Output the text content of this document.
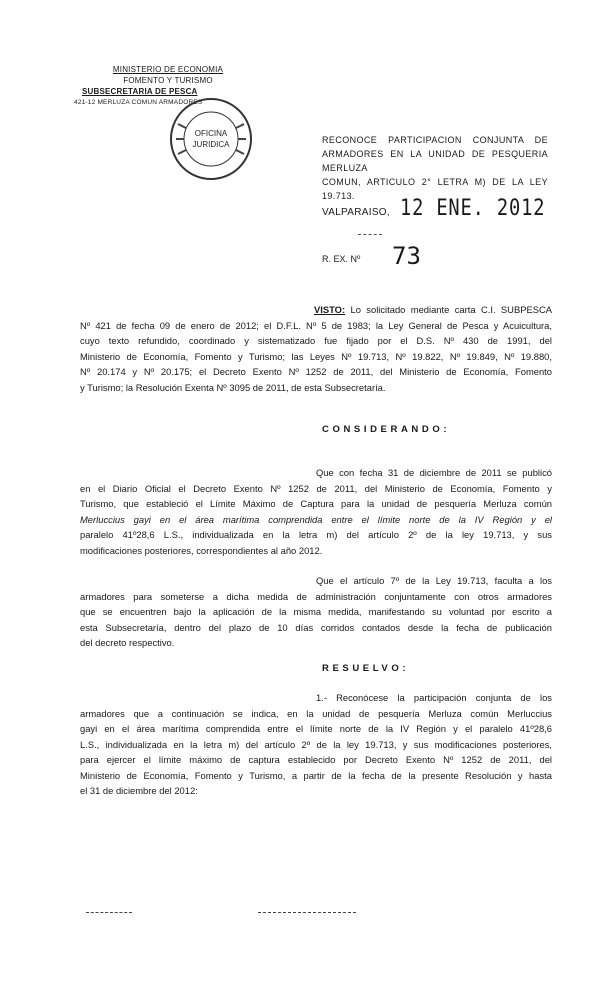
MINISTERIO DE ECONOMIA
FOMENTO Y TURISMO
SUBSECRETARIA DE PESCA
421-12 MERLUZA COMUN ARMADORES
OFICINA
JURIDICA	RECONOCE PARTICIPACION CONJUNTA DE
ARMADORES EN LA UNIDAD DE PESQUERIA MERLUZA
COMUN, ARTICULO 2° LETRA M) DE LA LEY 19.713.
VALPARAISO, 12 ENE. 2012
R. EX. Nº 73
VISTO: Lo solicitado mediante carta C.I. SUBPESCA
Nº 421 de fecha 09 de enero de 2012; el D.F.L. Nº 5 de 1983; la Ley General de Pesca y Acuicultura,
cuyo texto refundido, coordinado y sistematizado fue fijado por el D.S. Nº 430 de 1991, del
Ministerio de Economía, Fomento y Turismo; las Leyes Nº 19.713, Nº 19.822, Nº 19.849, Nº 19.880,
Nº 20.174 y Nº 20.175; el Decreto Exento Nº 1252 de 2011, del Ministerio de Economía, Fomento
y Turismo; la Resolución Exenta Nº 3095 de 2011, de esta Subsecretaría.
CONSIDERANDO:
Que con fecha 31 de diciembre de 2011 se publicó
en el Diario Oficial el Decreto Exento Nº 1252 de 2011, del Ministerio de Economía, Fomento y
Turismo, que estableció el Límite Máximo de Captura para la unidad de pesquería Merluza común
Merluccius gayi en el área marítima comprendida entre el límite norte de la IV Región y el
paralelo 41º28,6 L.S., individualizada en la letra m) del artículo 2º de la ley 19.713, y sus
modificaciones posteriores, correspondientes al año 2012.
Que el artículo 7º de la Ley 19.713, faculta a los
armadores para someterse a dicha medida de administración conjuntamente con otros armadores
que se encuentren bajo la aplicación de la misma medida, manifestando su voluntad por escrito a
esta Subsecretaría, dentro del plazo de 10 días corridos contados desde la fecha de publicación
del decreto respectivo.
RESUELVO:
1.- Reconócese la participación conjunta de los
armadores que a continuación se indica, en la unidad de pesquería Merluza común Merluccius
gayi en el área marítima comprendida entre el límite norte de la IV Región y el paralelo 41º28,6
L.S., individualizada en la letra m) del artículo 2º de la ley 19.713, y sus modificaciones posteriores,
para ejercer el límite máximo de captura establecido por Decreto Exento Nº 1252 de 2011, del
Ministerio de Economía, Fomento y Turismo, a partir de la fecha de la presente Resolución y hasta
el 31 de diciembre del 2012:
